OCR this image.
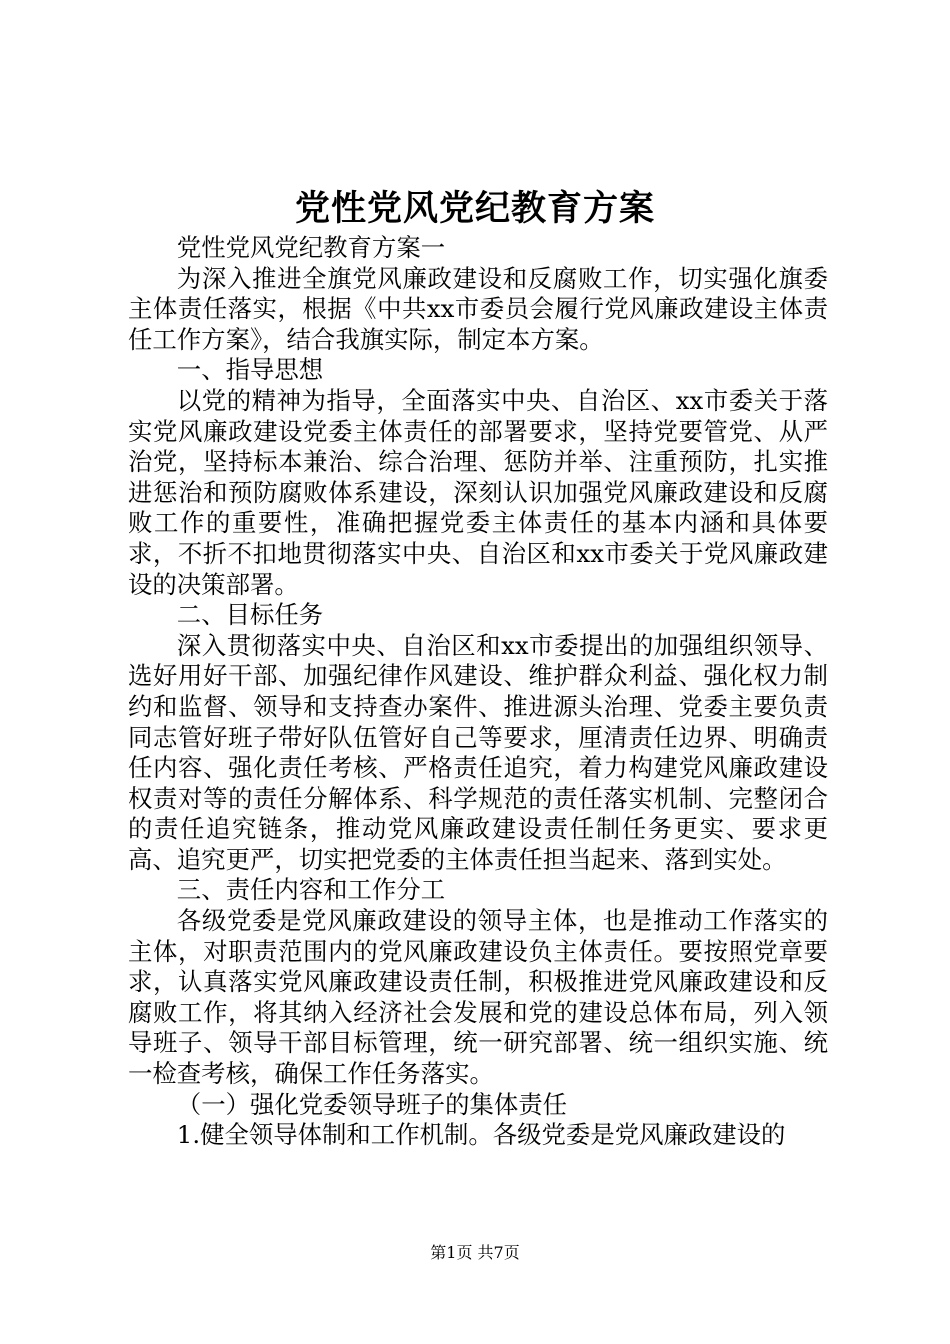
党性党风党纪教育方案

党性党风党纪教育方案一

为深入推进全旗党风廉政建设和反腐败工作，切实强化旗委主体责任落实，根据《中共xx市委员会履行党风廉政建设主体责任工作方案》，结合我旗实际，制定本方案。

一、指导思想

以党的精神为指导，全面落实中央、自治区、xx市委关于落实党风廉政建设党委主体责任的部署要求，坚持党要管党、从严治党，坚持标本兼治、综合治理、惩防并举、注重预防，扎实推进惩治和预防腐败体系建设，深刻认识加强党风廉政建设和反腐败工作的重要性，准确把握党委主体责任的基本内涵和具体要求，不折不扣地贯彻落实中央、自治区和xx市委关于党风廉政建设的决策部署。

二、目标任务

深入贯彻落实中央、自治区和xx市委提出的加强组织领导、选好用好干部、加强纪律作风建设、维护群众利益、强化权力制约和监督、领导和支持查办案件、推进源头治理、党委主要负责同志管好班子带好队伍管好自己等要求，厘清责任边界、明确责任内容、强化责任考核、严格责任追究，着力构建党风廉政建设权责对等的责任分解体系、科学规范的责任落实机制、完整闭合的责任追究链条，推动党风廉政建设责任制任务更实、要求更高、追究更严，切实把党委的主体责任担当起来、落到实处。

三、责任内容和工作分工

各级党委是党风廉政建设的领导主体，也是推动工作落实的主体，对职责范围内的党风廉政建设负主体责任。要按照党章要求，认真落实党风廉政建设责任制，积极推进党风廉政建设和反腐败工作，将其纳入经济社会发展和党的建设总体布局，列入领导班子、领导干部目标管理，统一研究部署、统一组织实施、统一检查考核，确保工作任务落实。

（一）强化党委领导班子的集体责任

1.健全领导体制和工作机制。各级党委是党风廉政建设的

第1页 共7页
